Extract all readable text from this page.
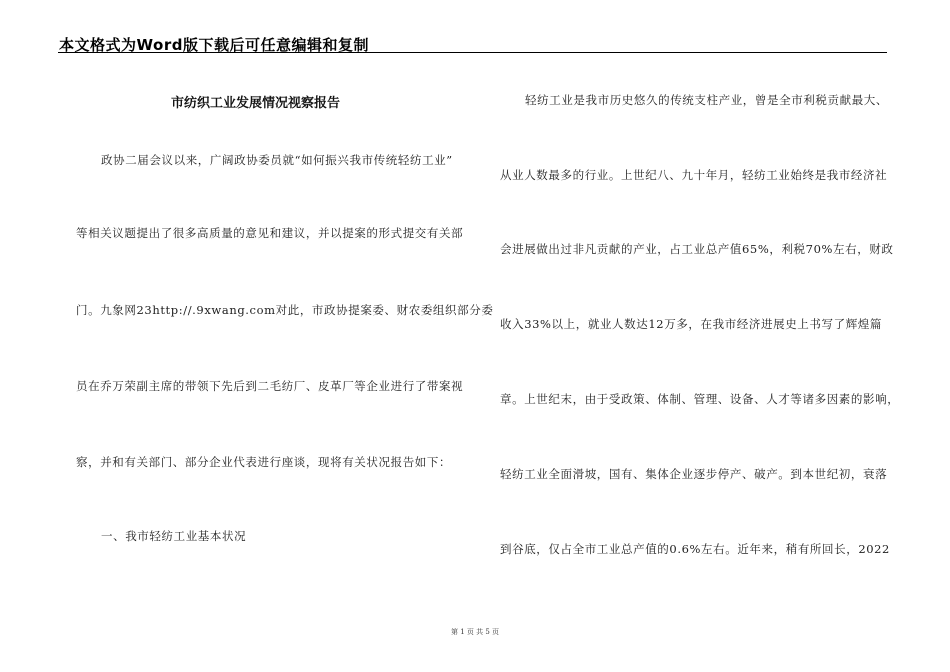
本文格式为Word版下载后可任意编辑和复制
市纺织工业发展情况视察报告
政协二届会议以来，广阔政协委员就“如何振兴我市传统轻纺工业”
等相关议题提出了很多高质量的意见和建议，并以提案的形式提交有关部
门。九象网23http://.9xwang.com对此，市政协提案委、财农委组织部分委
员在乔万荣副主席的带领下先后到二毛纺厂、皮革厂等企业进行了带案视
察，并和有关部门、部分企业代表进行座谈，现将有关状况报告如下：
一、我市轻纺工业基本状况
轻纺工业是我市历史悠久的传统支柱产业，曾是全市利税贡献最大、
从业人数最多的行业。上世纪八、九十年月，轻纺工业始终是我市经济社
会进展做出过非凡贡献的产业，占工业总产值65%，利税70%左右，财政
收入33%以上，就业人数达12万多，在我市经济进展史上书写了辉煌篇
章。上世纪末，由于受政策、体制、管理、设备、人才等诸多因素的影响，
轻纺工业全面滑坡，国有、集体企业逐步停产、破产。到本世纪初，衰落
到谷底，仅占全市工业总产值的0.6%左右。近年来，稍有所回长，2022
第 1 页 共 5 页
